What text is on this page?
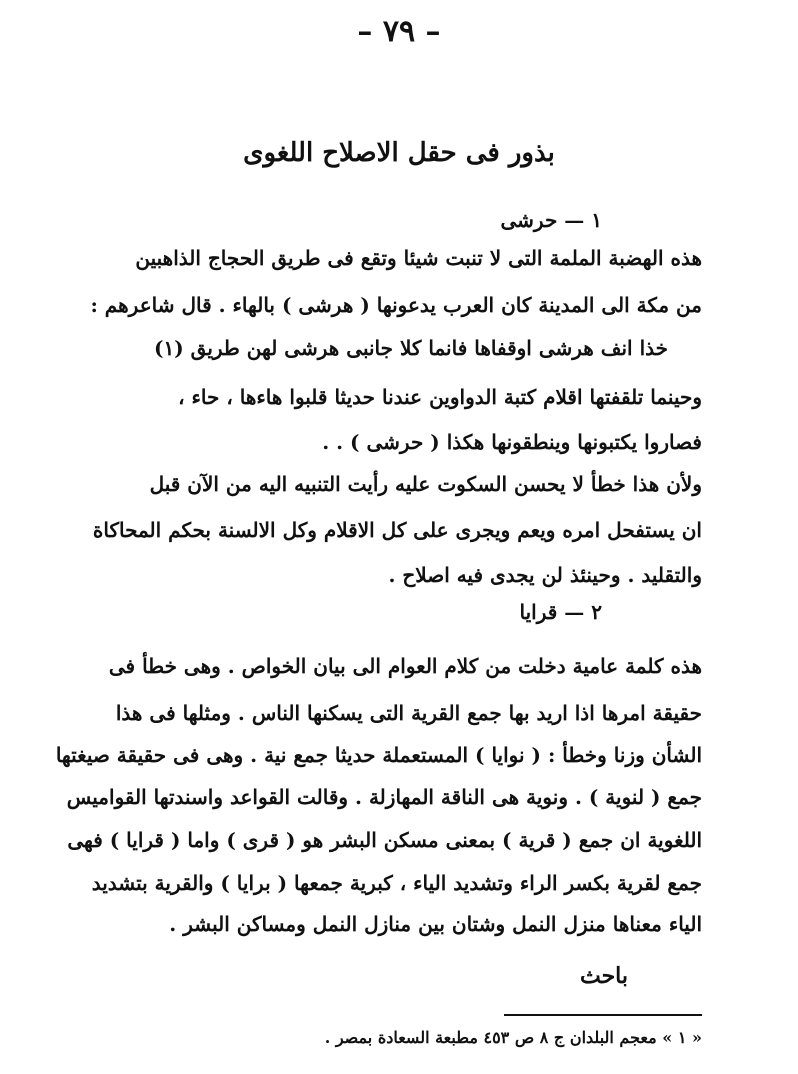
– ٧٩ –
بذور فى حقل الاصلاح اللغوى
١ — حرشى
هذه الهضبة الملمة التى لا تنبت شيئا وتقع فى طريق الحجاج الذاهبين
من مكة الى المدينة كان العرب يدعونها ( هرشى ) بالهاء . قال شاعرهم :
خذا انف هرشى اوقفاها فانما كلا جانبى هرشى لهن طريق (١)
وحينما تلقفتها اقلام كتبة الدواوين عندنا حديثا قلبوا هاءها ، حاء ،
فصاروا يكتبونها وينطقونها هكذا ( حرشى ) . .
ولأن هذا خطأ لا يحسن السكوت عليه رأيت التنبيه اليه من الآن قبل
ان يستفحل امره ويعم ويجرى على كل الاقلام وكل الالسنة بحكم المحاكاة
والتقليد . وحينئذ لن يجدى فيه اصلاح .
٢ — قرايا
هذه كلمة عامية دخلت من كلام العوام الى بيان الخواص . وهى خطأ فى
حقيقة امرها اذا اريد بها جمع القرية التى يسكنها الناس . ومثلها فى هذا
الشأن وزنا وخطأ : ( نوايا ) المستعملة حديثا جمع نية . وهى فى حقيقة صيغتها
جمع ( لنوية ) . ونوية هى الناقة المهازلة . وقالت القواعد واسندتها القواميس
اللغوية ان جمع ( قرية ) بمعنى مسكن البشر هو ( قرى ) واما ( قرايا ) فهى
جمع لقرية بكسر الراء وتشديد الياء ، كبرية جمعها ( برايا ) والقرية بتشديد
الياء معناها منزل النمل وشتان بين منازل النمل ومساكن البشر .
باحث
« ١ » معجم البلدان ج ٨ ص ٤٥٣ مطبعة السعادة بمصر .
